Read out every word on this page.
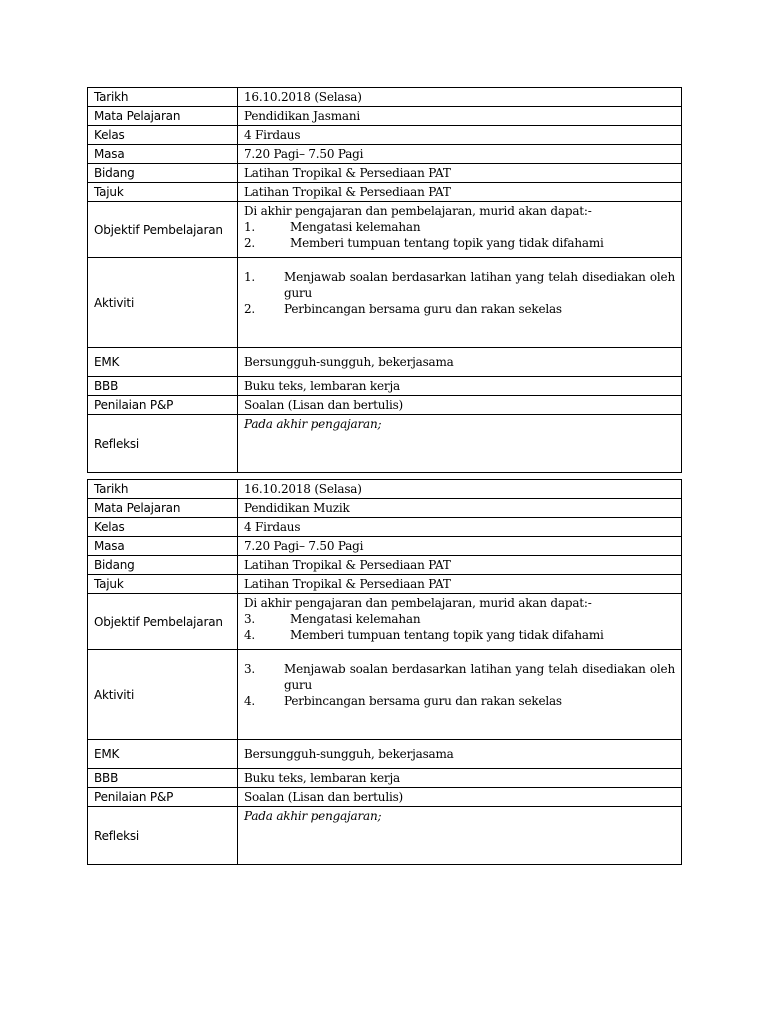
Tarikh	16.10.2018 (Selasa)
Mata Pelajaran	Pendidikan Jasmani
Kelas	4 Firdaus
Masa	7.20 Pagi– 7.50 Pagi
Bidang	Latihan Tropikal & Persediaan PAT
Tajuk	Latihan Tropikal & Persediaan PAT
Objektif Pembelajaran	Di akhir pengajaran dan pembelajaran, murid akan dapat:-
1. Mengatasi kelemahan
2. Memberi tumpuan tentang topik yang tidak difahami

Aktiviti	1. Menjawab soalan berdasarkan latihan yang telah disediakan oleh guru
2. Perbincangan bersama guru dan rakan sekelas

EMK	Bersungguh-sungguh, bekerjasama
BBB	Buku teks, lembaran kerja
Penilaian P&P	Soalan (Lisan dan bertulis)
Refleksi	Pada akhir pengajaran;
Tarikh	16.10.2018 (Selasa)
Mata Pelajaran	Pendidikan Muzik
Kelas	4 Firdaus
Masa	7.20 Pagi– 7.50 Pagi
Bidang	Latihan Tropikal & Persediaan PAT
Tajuk	Latihan Tropikal & Persediaan PAT
Objektif Pembelajaran	Di akhir pengajaran dan pembelajaran, murid akan dapat:-
3. Mengatasi kelemahan
4. Memberi tumpuan tentang topik yang tidak difahami

Aktiviti	3. Menjawab soalan berdasarkan latihan yang telah disediakan oleh guru
4. Perbincangan bersama guru dan rakan sekelas

EMK	Bersungguh-sungguh, bekerjasama
BBB	Buku teks, lembaran kerja
Penilaian P&P	Soalan (Lisan dan bertulis)
Refleksi	Pada akhir pengajaran;
